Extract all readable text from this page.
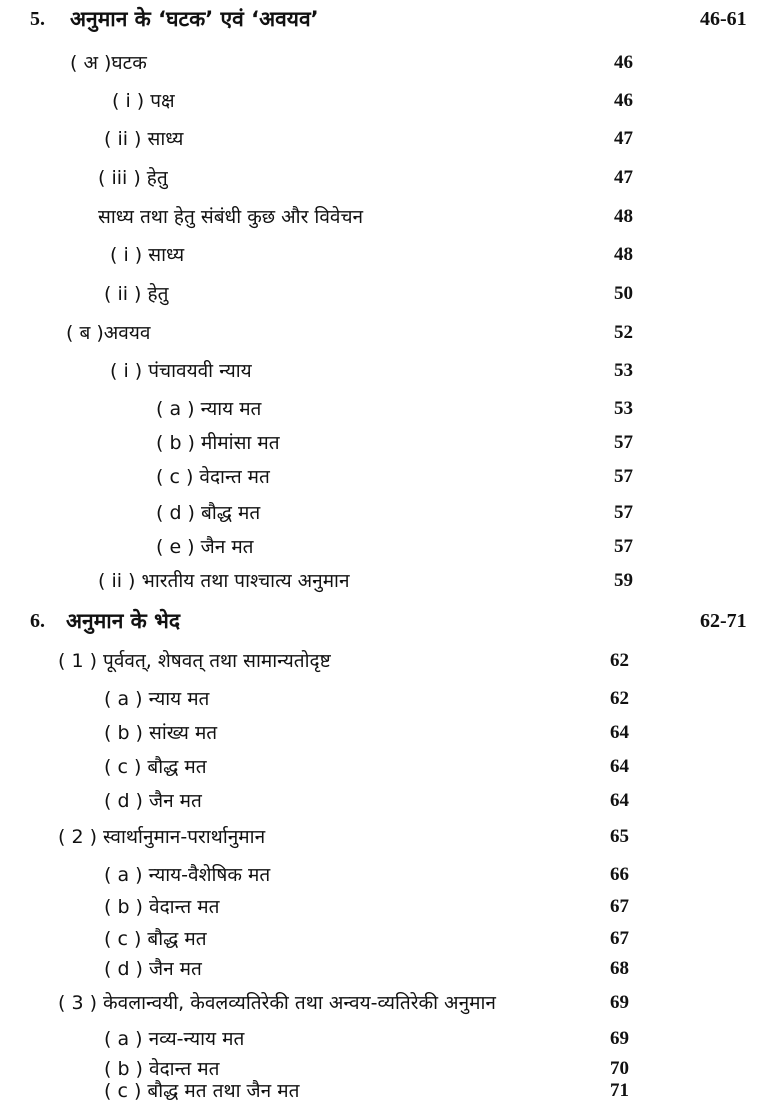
5. अनुमान के ‘घटक’ एवं ‘अवयव’	46-61
( अ )घटक	46
( i ) पक्ष	46
( ii ) साध्य	47
( iii ) हेतु	47
साध्य तथा हेतु संबंधी कुछ और विवेचन	48
( i ) साध्य	48
( ii ) हेतु	50
( ब )अवयव	52
( i ) पंचावयवी न्याय	53
( a ) न्याय मत	53
( b ) मीमांसा मत	57
( c ) वेदान्त मत	57
( d ) बौद्ध मत	57
( e ) जैन मत	57
( ii ) भारतीय तथा पाश्चात्य अनुमान	59
6. अनुमान के भेद	62-71
( 1 ) पूर्ववत्, शेषवत् तथा सामान्यतोदृष्ट	62
( a ) न्याय मत	62
( b ) सांख्य मत	64
( c ) बौद्ध मत	64
( d ) जैन मत	64
( 2 ) स्वार्थानुमान-परार्थानुमान	65
( a ) न्याय-वैशेषिक मत	66
( b ) वेदान्त मत	67
( c ) बौद्ध मत	67
( d ) जैन मत	68
( 3 ) केवलान्वयी, केवलव्यतिरेकी तथा अन्वय-व्यतिरेकी अनुमान	69
( a ) नव्य-न्याय मत	69
( b ) वेदान्त मत	70
( c ) बौद्ध मत तथा जैन मत	71
